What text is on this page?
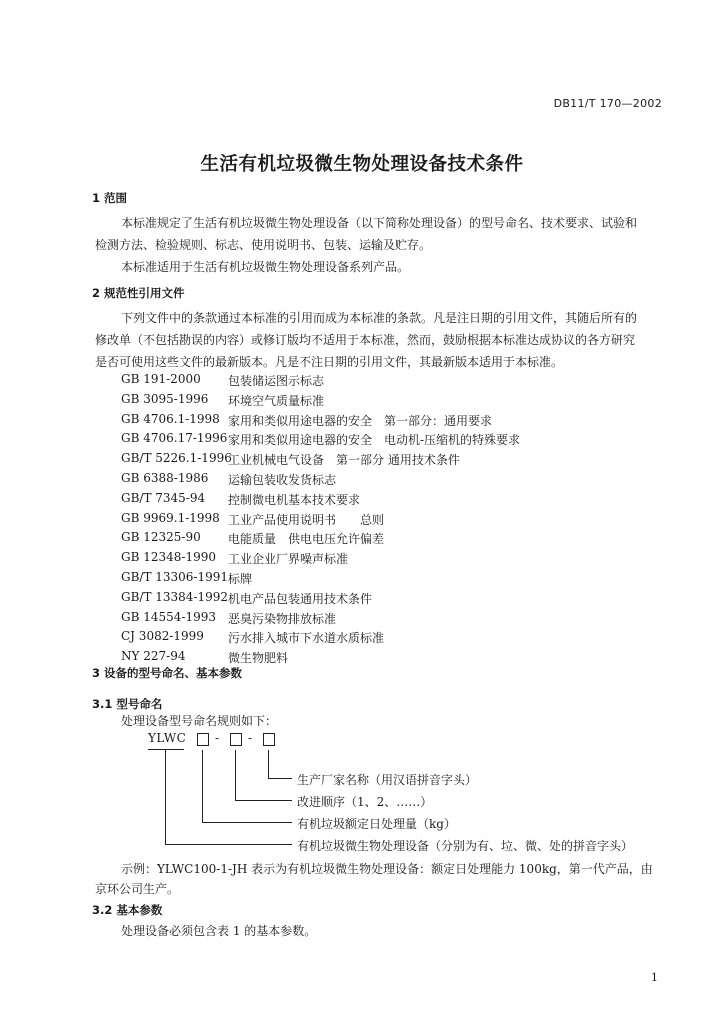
DB11/T 170—2002
生活有机垃圾微生物处理设备技术条件
1 范围
本标准规定了生活有机垃圾微生物处理设备（以下简称处理设备）的型号命名、技术要求、试验和
检测方法、检验规则、标志、使用说明书、包装、运输及贮存。
本标准适用于生活有机垃圾微生物处理设备系列产品。
2 规范性引用文件
下列文件中的条款通过本标准的引用而成为本标准的条款。凡是注日期的引用文件，其随后所有的
修改单（不包括勘误的内容）或修订版均不适用于本标准，然而，鼓励根据本标准达成协议的各方研究
是否可使用这些文件的最新版本。凡是不注日期的引用文件，其最新版本适用于本标准。
GB 191-2000 包装储运图示标志
GB 3095-1996 环境空气质量标准
GB 4706.1-1998 家用和类似用途电器的安全　第一部分：通用要求
GB 4706.17-1996 家用和类似用途电器的安全　电动机-压缩机的特殊要求
GB/T 5226.1-1996
工业机械电气设备　第一部分 通用技术条件
GB 6388-1986 运输包装收发货标志
GB/T 7345-94 控制微电机基本技术要求
GB 9969.1-1998 工业产品使用说明书　　总则
GB 12325-90 电能质量　供电电压允许偏差
GB 12348-1990 工业企业厂界噪声标准
GB/T 13306-1991 标牌
GB/T 13384-1992 机电产品包装通用技术条件
GB 14554-1993 恶臭污染物排放标准
CJ 3082-1999 污水排入城市下水道水质标准
NY 227-94	微生物肥料
3 设备的型号命名、基本参数
3.1 型号命名
处理设备型号命名规则如下：
YLWC - -
生产厂家名称（用汉语拼音字头）
改进顺序（1、2、……）
有机垃圾额定日处理量（kg）
有机垃圾微生物处理设备（分别为有、垃、微、处的拼音字头）
示例：YLWC100-1-JH 表示为有机垃圾微生物处理设备：额定日处理能力 100kg，第一代产品，由
京环公司生产。
3.2 基本参数
处理设备必须包含表 1 的基本参数。
1
